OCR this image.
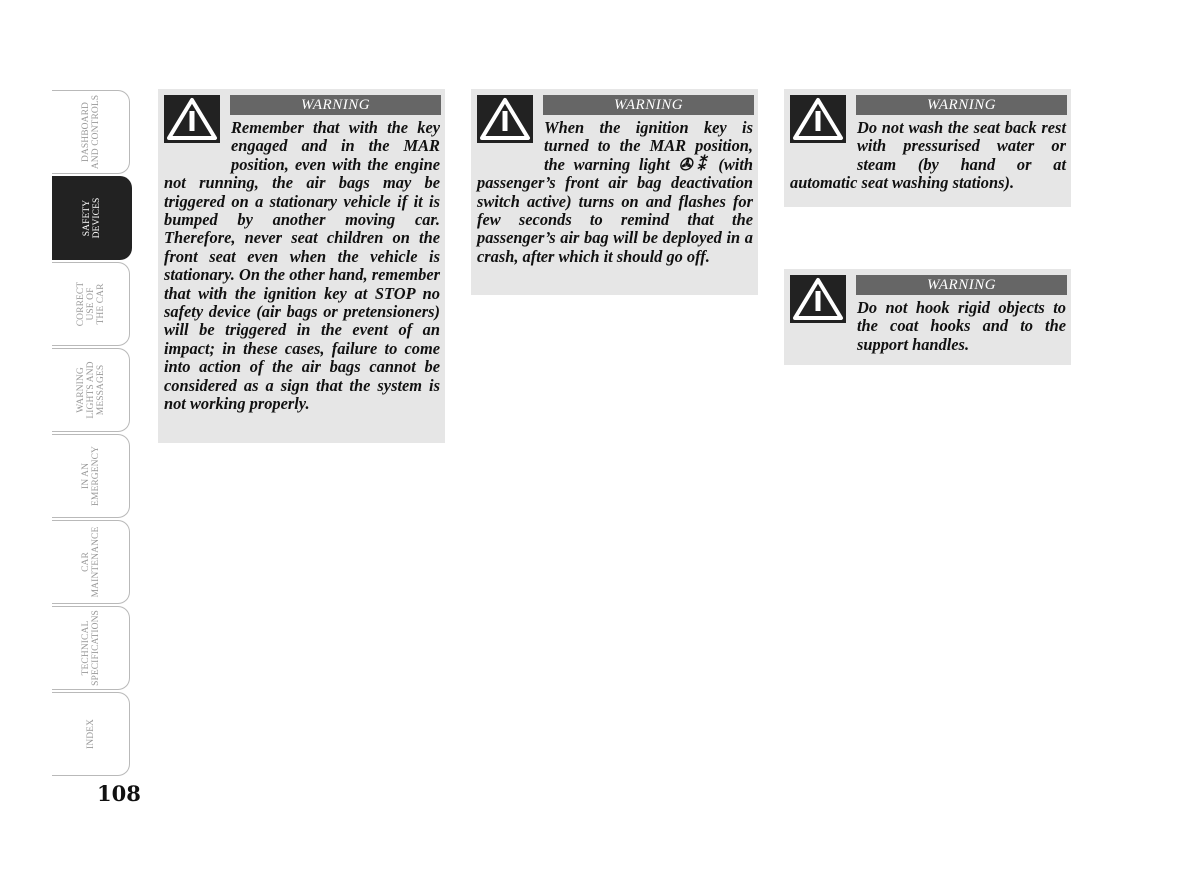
DASHBOARD
AND CONTROLS
SAFETY
DEVICES
CORRECT
USE OF
THE CAR
WARNING
LIGHTS AND
MESSAGES
IN AN
EMERGENCY
CAR
MAINTENANCE
TECHNICAL
SPECIFICATIONS
INDEX
108
WARNING
Remember that with the key engaged and in the MAR position, even with the engine not running, the air bags may be triggered on a stationary vehicle if it is bumped by another moving car. Therefore, never seat children on the front seat even when the vehicle is stationary. On the other hand, remember that with the ignition key at STOP no safety device (air bags or pretensioners) will be triggered in the event of an impact; in these cases, failure to come into action of the air bags cannot be considered as a sign that the system is not working properly.
WARNING
When the ignition key is turned to the MAR position, the warning light ✇⁑ (with passenger’s front air bag deactivation switch active) turns on and flashes for few seconds to remind that the passenger’s air bag will be deployed in a crash, after which it should go off.
WARNING
Do not wash the seat back rest with pressurised water or steam (by hand or at automatic seat washing stations).
WARNING
Do not hook rigid objects to the coat hooks and to the support handles.
